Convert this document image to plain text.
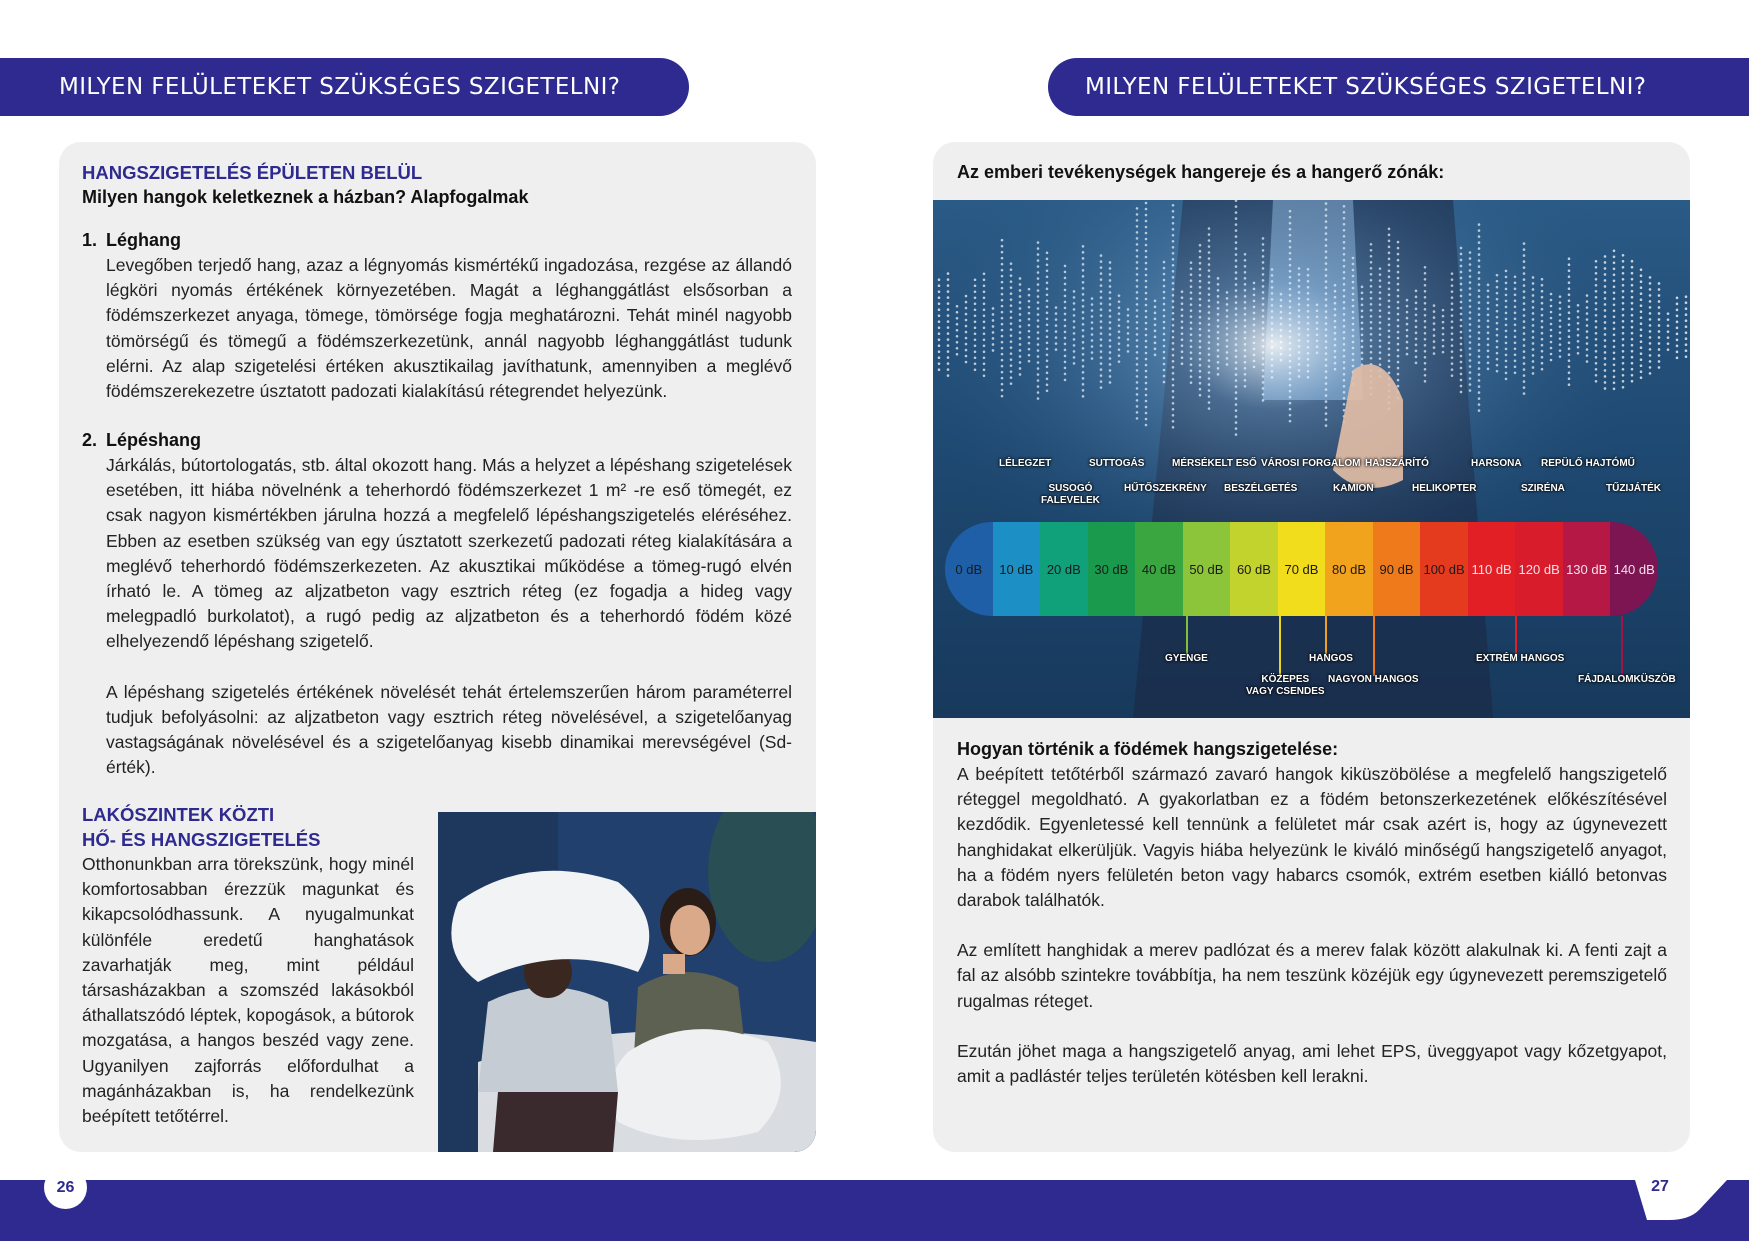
MILYEN FELÜLETEKET SZÜKSÉGES SZIGETELNI?	MILYEN FELÜLETEKET SZÜKSÉGES SZIGETELNI?
HANGSZIGETELÉS ÉPÜLETEN BELÜL
Milyen hangok keletkeznek a házban? Alapfogalmak
1. Léghang
Levegőben terjedő hang, azaz a légnyomás kismértékű ingadozása, rezgése az állandó légköri nyomás értékének környezetében. Magát a léghanggátlást elsősorban a födémszerkezet anyaga, tömege, tömörsége fogja meghatározni. Tehát minél nagyobb tömörségű és tömegű a födémszerkezetünk, annál nagyobb léghanggátlást tudunk elérni. Az alap szigetelési értéken akusztikailag javíthatunk, amennyiben a meglévő födémszerekezetre úsztatott padozati kialakítású rétegrendet helyezünk.
2. Lépéshang
Járkálás, bútortologatás, stb. által okozott hang. Más a helyzet a lépéshang szigetelések esetében, itt hiába növelnénk a teherhordó födémszerkezet 1 m² -re eső tömegét, ez csak nagyon kismértékben járulna hozzá a megfelelő lépéshangszigetelés eléréséhez. Ebben az esetben szükség van egy úsztatott szerkezetű padozati réteg kialakítására a meglévő teherhordó födémszerkezeten. Az akusztikai működése a tömeg-rugó elvén írható le. A tömeg az aljzatbeton vagy esztrich réteg (ez fogadja a hideg vagy melegpadló burkolatot), a rugó pedig az aljzatbeton és a teherhordó födém közé elhelyezendő lépéshang szigetelő.
A lépéshang szigetelés értékének növelését tehát értelemszerűen három paraméterrel tudjuk befolyásolni: az aljzatbeton vagy esztrich réteg növelésével, a szigetelőanyag vastagságának növelésével és a szigetelőanyag kisebb dinamikai merevségével (Sd-érték).
LAKÓSZINTEK KÖZTI
HŐ- ÉS HANGSZIGETELÉS
Otthonunkban arra törekszünk, hogy minél komfortosabban érezzük magunkat és kikapcsolódhassunk. A nyugalmunkat különféle eredetű hanghatások zavarhatják meg, mint például társasházakban a szomszéd lakásokból áthallatszódó léptek, kopogások, a bútorok mozgatása, a hangos beszéd vagy zene. Ugyanilyen zajforrás előfordulhat a magánházakban is, ha rendelkezünk beépített tetőtérrel.
Az emberi tevékenységek hangereje és a hangerő zónák:
LÉLEGZET	SUTTOGÁS	MÉRSÉKELT ESŐ VÁROSI FORGALOM HAJSZÁRÍTÓ	HARSONA REPÜLŐ HAJTÓMŰ
SUSOGÓ
FALEVELEK
HŰTŐSZEKRÉNY BESZÉLGETÉS	KAMION	HELIKOPTER	SZIRÉNA	TŰZIJÁTÉK
0 dB	10 dB	20 dB	30 dB	40 dB	50 dB	60 dB	70 dB	80 dB	90 dB 100 dB 110 dB 120 dB 130 dB 140 dB
GYENGE
KÖZEPES
VAGY CSENDES
HANGOS
NAGYON HANGOS
EXTRÉM HANGOS
FÁJDALOMKÜSZÖB
Hogyan történik a födémek hangszigetelése:
A beépített tetőtérből származó zavaró hangok kiküszöbölése a megfelelő hangszigetelő réteggel megoldható. A gyakorlatban ez a födém betonszerkezetének előkészítésével kezdődik. Egyenletessé kell tennünk a felületet már csak azért is, hogy az úgynevezett hanghidakat elkerüljük. Vagyis hiába helyezünk le kiváló minőségű hangszigetelő anyagot, ha a födém nyers felületén beton vagy habarcs csomók, extrém esetben kiálló betonvas darabok találhatók.
Az említett hanghidak a merev padlózat és a merev falak között alakulnak ki. A fenti zajt a fal az alsóbb szintekre továbbítja, ha nem teszünk közéjük egy úgynevezett peremszigetelő rugalmas réteget.
Ezután jöhet maga a hangszigetelő anyag, ami lehet EPS, üveggyapot vagy kőzetgyapot, amit a padlástér teljes területén kötésben kell lerakni.
26	27
